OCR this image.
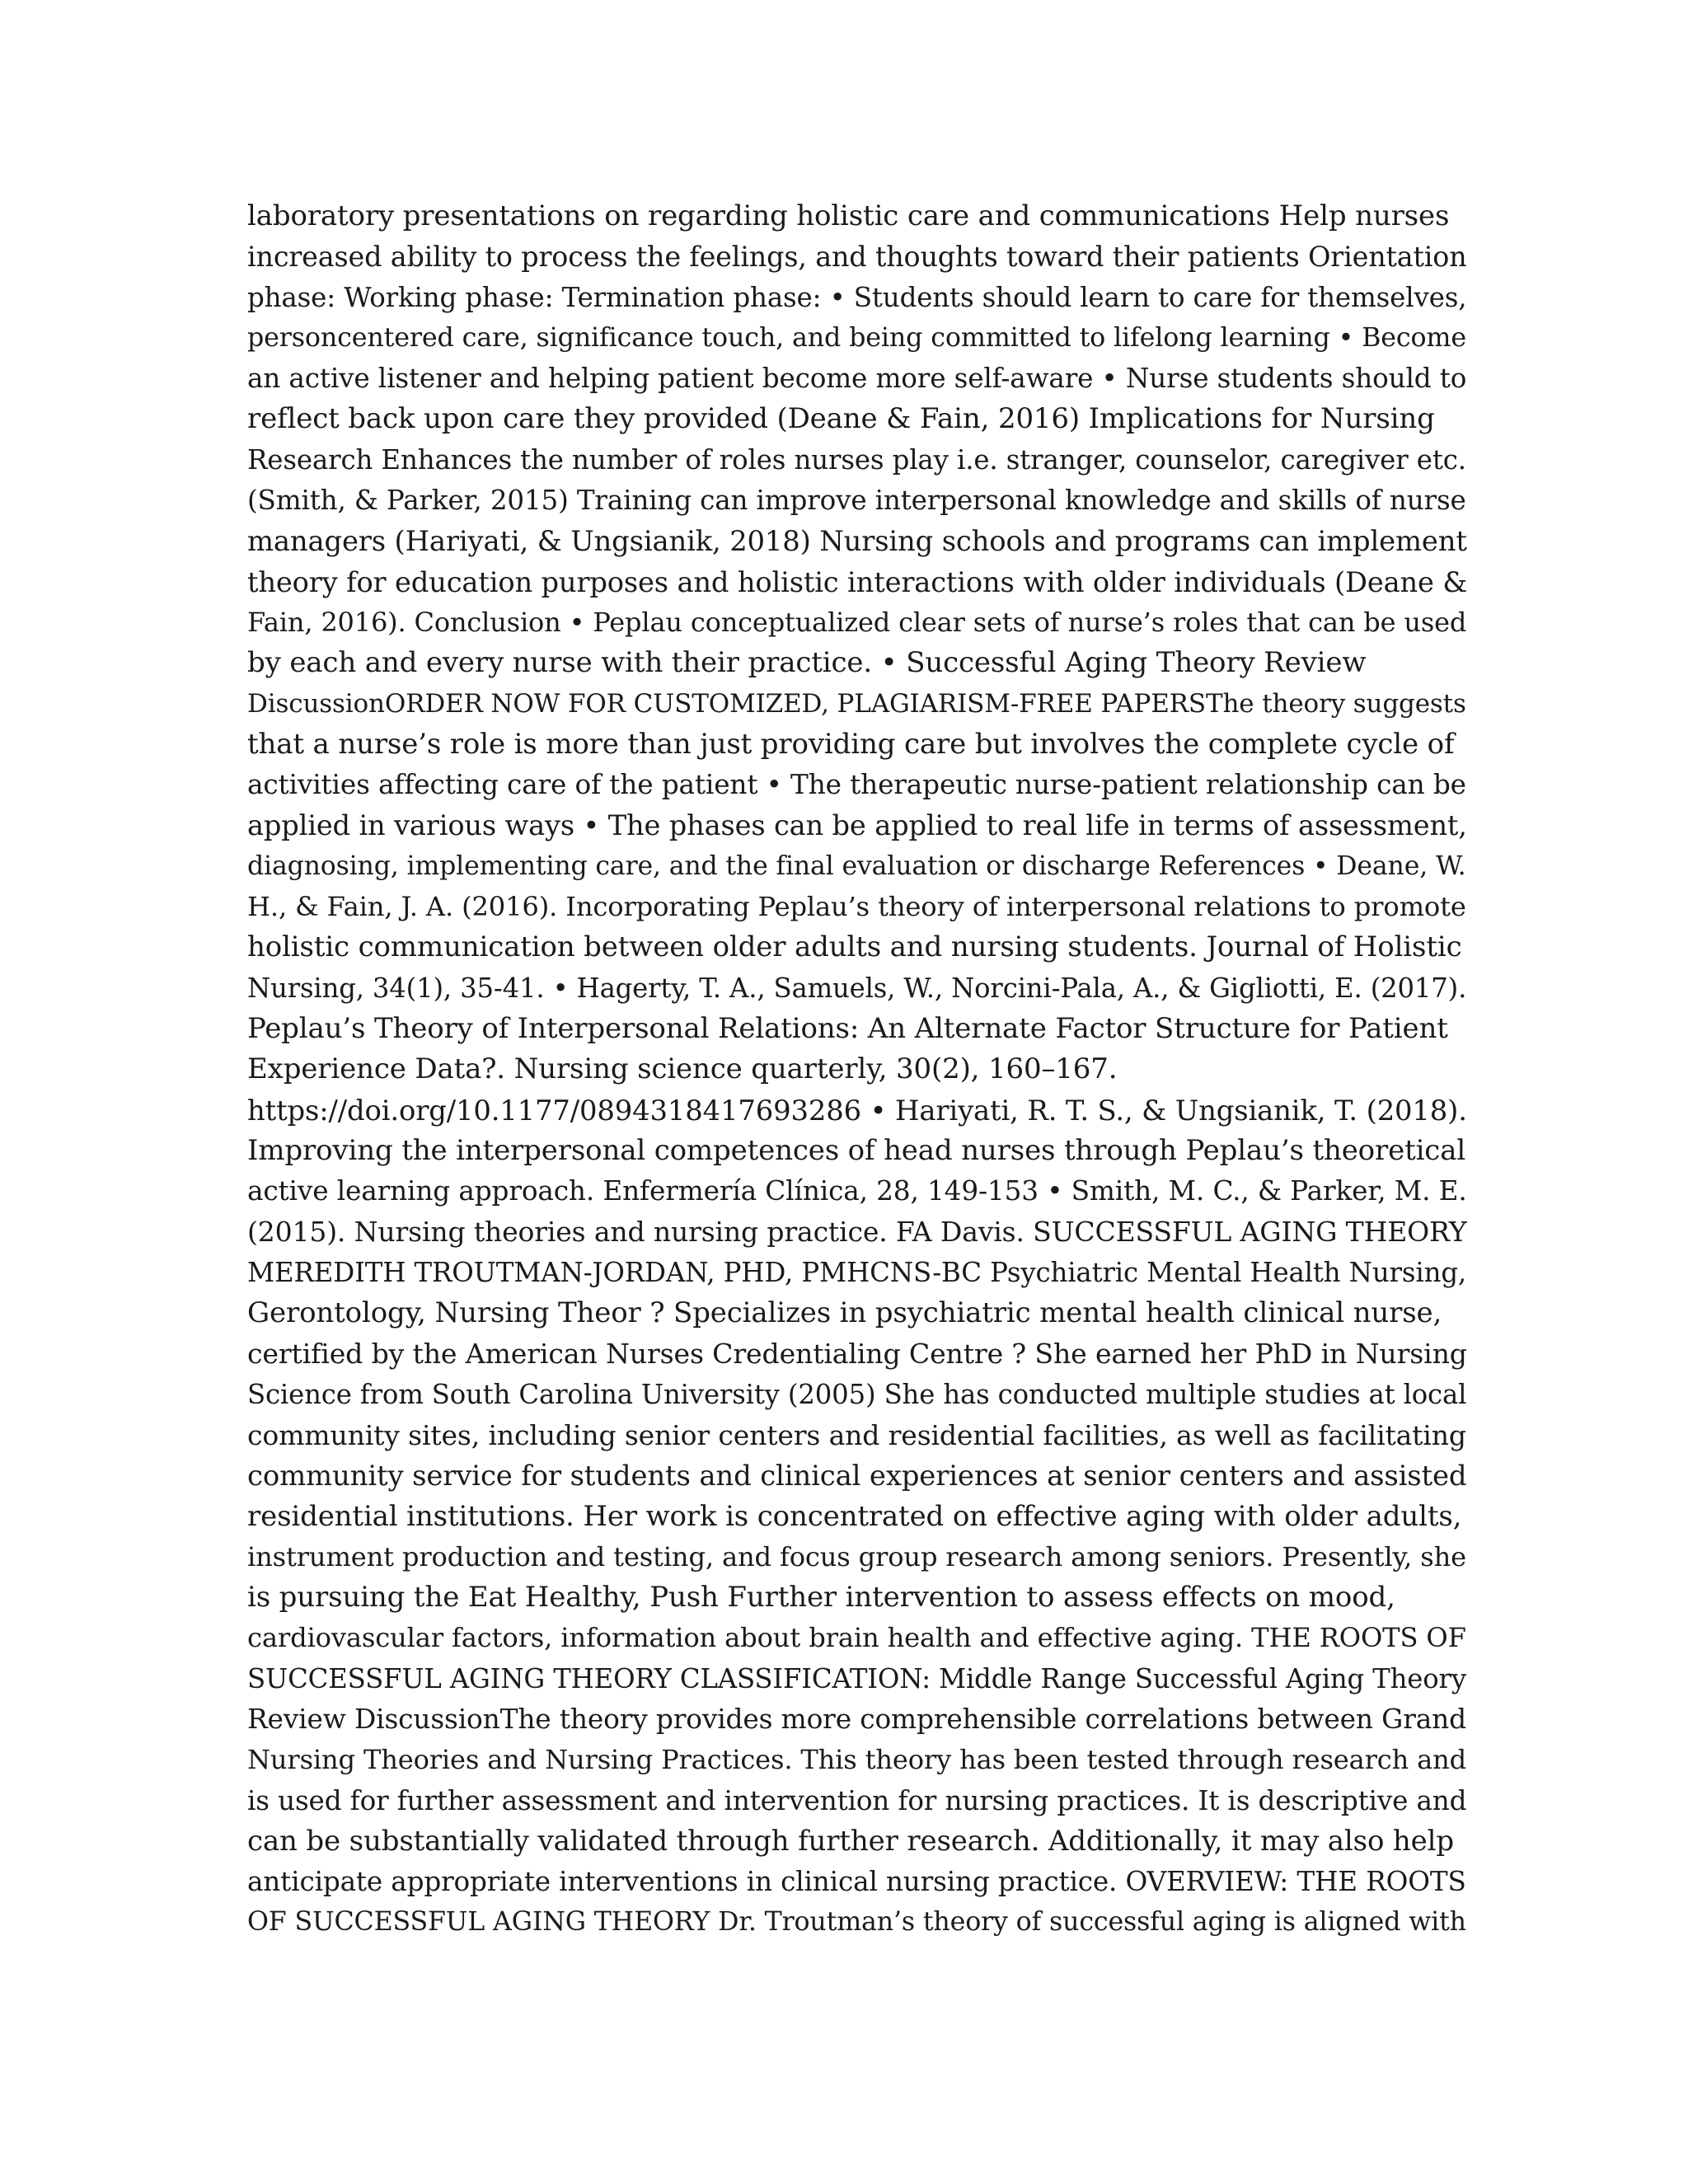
laboratory presentations on regarding holistic care and communications Help nurses
increased ability to process the feelings, and thoughts toward their patients Orientation
phase: Working phase: Termination phase: • Students should learn to care for themselves,
personcentered care, significance touch, and being committed to lifelong learning • Become
an active listener and helping patient become more self-aware • Nurse students should to
reflect back upon care they provided (Deane & Fain, 2016) Implications for Nursing
Research Enhances the number of roles nurses play i.e. stranger, counselor, caregiver etc.
(Smith, & Parker, 2015) Training can improve interpersonal knowledge and skills of nurse
managers (Hariyati, & Ungsianik, 2018) Nursing schools and programs can implement
theory for education purposes and holistic interactions with older individuals (Deane &
Fain, 2016). Conclusion • Peplau conceptualized clear sets of nurse’s roles that can be used
by each and every nurse with their practice. • Successful Aging Theory Review
DiscussionORDER NOW FOR CUSTOMIZED, PLAGIARISM-FREE PAPERSThe theory suggests
that a nurse’s role is more than just providing care but involves the complete cycle of
activities affecting care of the patient • The therapeutic nurse-patient relationship can be
applied in various ways • The phases can be applied to real life in terms of assessment,
diagnosing, implementing care, and the final evaluation or discharge References • Deane, W.
H., & Fain, J. A. (2016). Incorporating Peplau’s theory of interpersonal relations to promote
holistic communication between older adults and nursing students. Journal of Holistic
Nursing, 34(1), 35-41. • Hagerty, T. A., Samuels, W., Norcini-Pala, A., & Gigliotti, E. (2017).
Peplau’s Theory of Interpersonal Relations: An Alternate Factor Structure for Patient
Experience Data?. Nursing science quarterly, 30(2), 160–167.
https://doi.org/10.1177/0894318417693286 • Hariyati, R. T. S., & Ungsianik, T. (2018).
Improving the interpersonal competences of head nurses through Peplau’s theoretical
active learning approach. Enfermería Clínica, 28, 149-153 • Smith, M. C., & Parker, M. E.
(2015). Nursing theories and nursing practice. FA Davis. SUCCESSFUL AGING THEORY
MEREDITH TROUTMAN-JORDAN, PHD, PMHCNS-BC Psychiatric Mental Health Nursing,
Gerontology, Nursing Theor ? Specializes in psychiatric mental health clinical nurse,
certified by the American Nurses Credentialing Centre ? She earned her PhD in Nursing
Science from South Carolina University (2005) She has conducted multiple studies at local
community sites, including senior centers and residential facilities, as well as facilitating
community service for students and clinical experiences at senior centers and assisted
residential institutions. Her work is concentrated on effective aging with older adults,
instrument production and testing, and focus group research among seniors. Presently, she
is pursuing the Eat Healthy, Push Further intervention to assess effects on mood,
cardiovascular factors, information about brain health and effective aging. THE ROOTS OF
SUCCESSFUL AGING THEORY CLASSIFICATION: Middle Range Successful Aging Theory
Review DiscussionThe theory provides more comprehensible correlations between Grand
Nursing Theories and Nursing Practices. This theory has been tested through research and
is used for further assessment and intervention for nursing practices. It is descriptive and
can be substantially validated through further research. Additionally, it may also help
anticipate appropriate interventions in clinical nursing practice. OVERVIEW: THE ROOTS
OF SUCCESSFUL AGING THEORY Dr. Troutman’s theory of successful aging is aligned with
